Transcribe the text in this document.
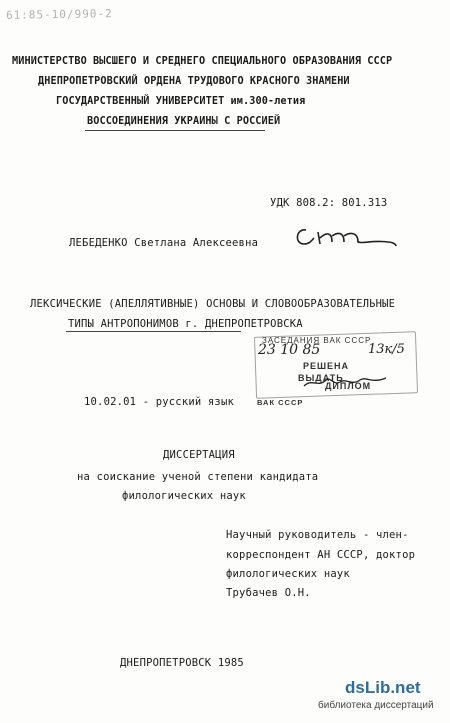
61:85-10/990-2
МИНИСТЕРСТВО ВЫСШЕГО И СРЕДНЕГО СПЕЦИАЛЬНОГО ОБРАЗОВАНИЯ СССР
ДНЕПРОПЕТРОВСКИЙ ОРДЕНА ТРУДОВОГО КРАСНОГО ЗНАМЕНИ
ГОСУДАРСТВЕННЫЙ УНИВЕРСИТЕТ им.300-летия
ВОССОЕДИНЕНИЯ УКРАИНЫ С РОССИЕЙ
УДК 808.2: 801.313
ЛЕБЕДЕНКО Светлана Алексеевна
ЛЕКСИЧЕСКИЕ (АПЕЛЛЯТИВНЫЕ) ОСНОВЫ И СЛОВООБРАЗОВАТЕЛЬНЫЕ
ТИПЫ АНТРОПОНИМОВ г. ДНЕПРОПЕТРОВСКА
ЗАСЕДАНИЯ ВАК СССР
23 10 85	13к/5
РЕШЕНА
ВЫДАТЬ
ДИПЛОМ
10.02.01 - русский язык	ВАК СССР
ДИССЕРТАЦИЯ
на соискание ученой степени кандидата
филологических наук
Научный руководитель - член-
корреспондент АН СССР, доктор
филологических наук
Трубачев О.Н.
ДНЕПРОПЕТРОВСК 1985
dsLib.net
библиотека диссертаций
